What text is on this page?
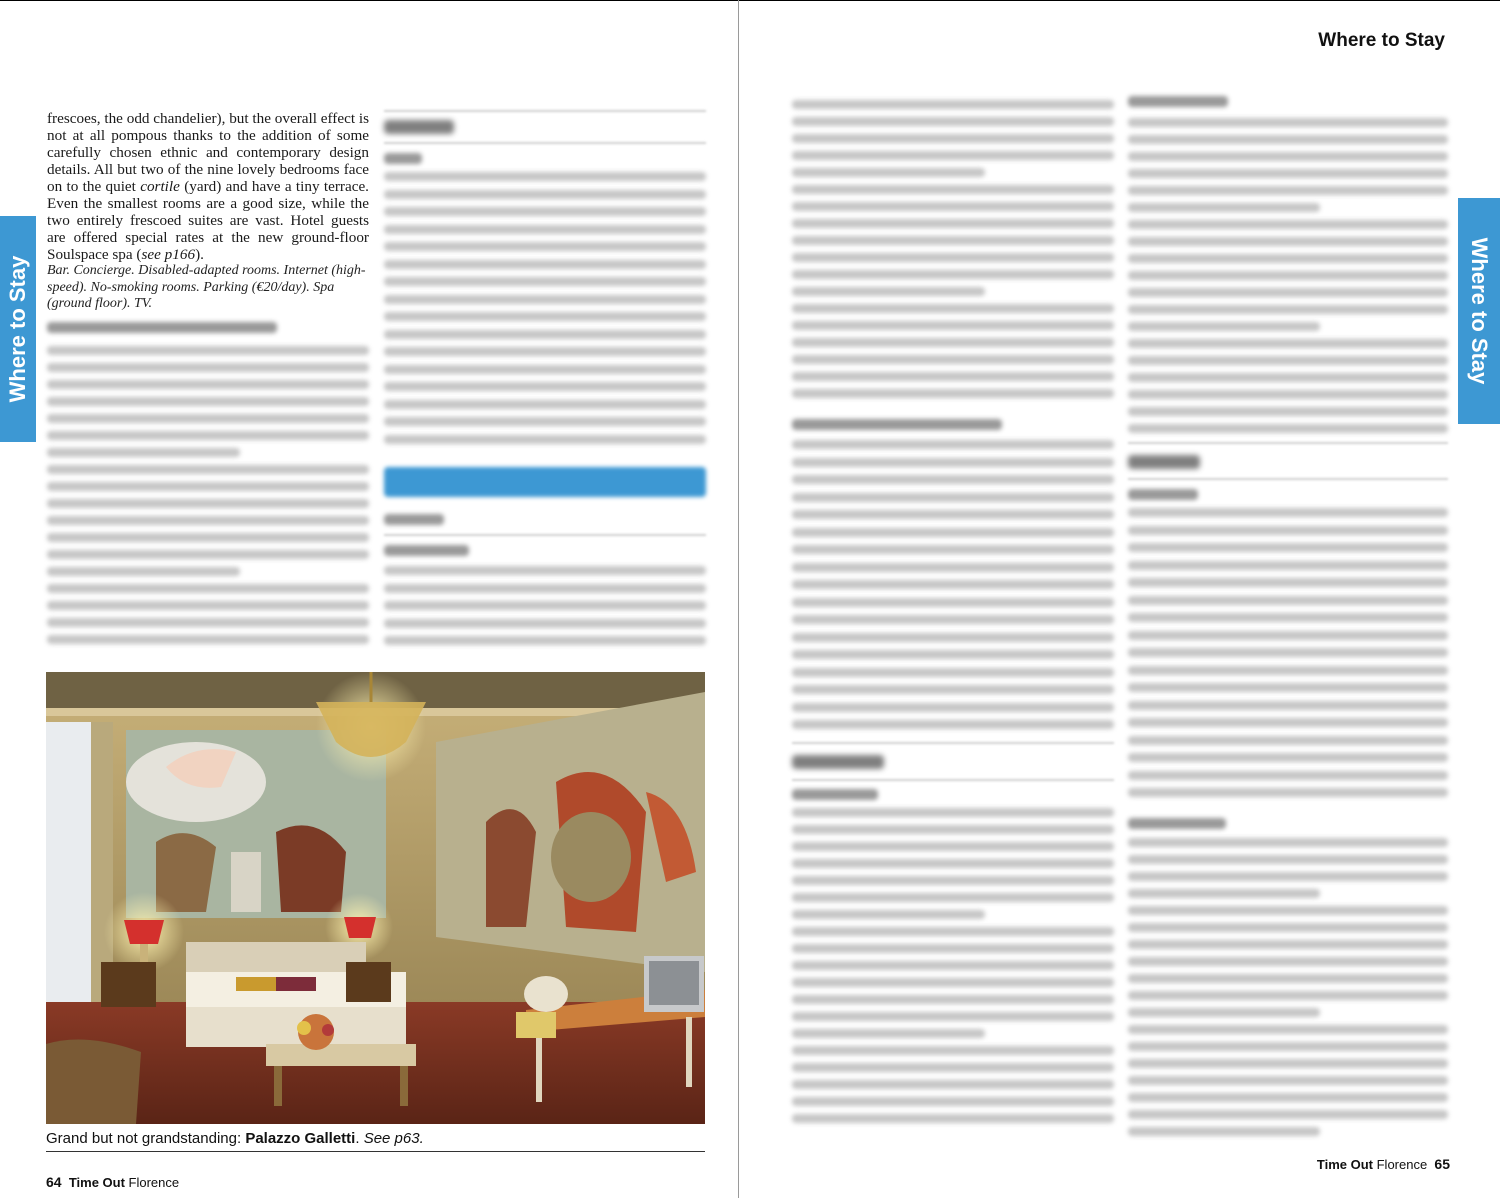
Where to Stay	Where to Stay
Where to Stay

frescoes, the odd chandelier), but the overall effect is not at all pompous thanks to the addition of some carefully chosen ethnic and contemporary design details. All but two of the nine lovely bedrooms face on to the quiet cortile (yard) and have a tiny terrace. Even the smallest rooms are a good size, while the two entirely frescoed suites are vast. Hotel guests are offered special rates at the new ground-floor Soulspace spa (see p166).

Bar. Concierge. Disabled-adapted rooms. Internet (high-speed). No-smoking rooms. Parking (€20/day). Spa (ground floor). TV.
Grand but not grandstanding: Palazzo Galletti. See p63.
64 Time Out Florence
Time Out Florence 65
